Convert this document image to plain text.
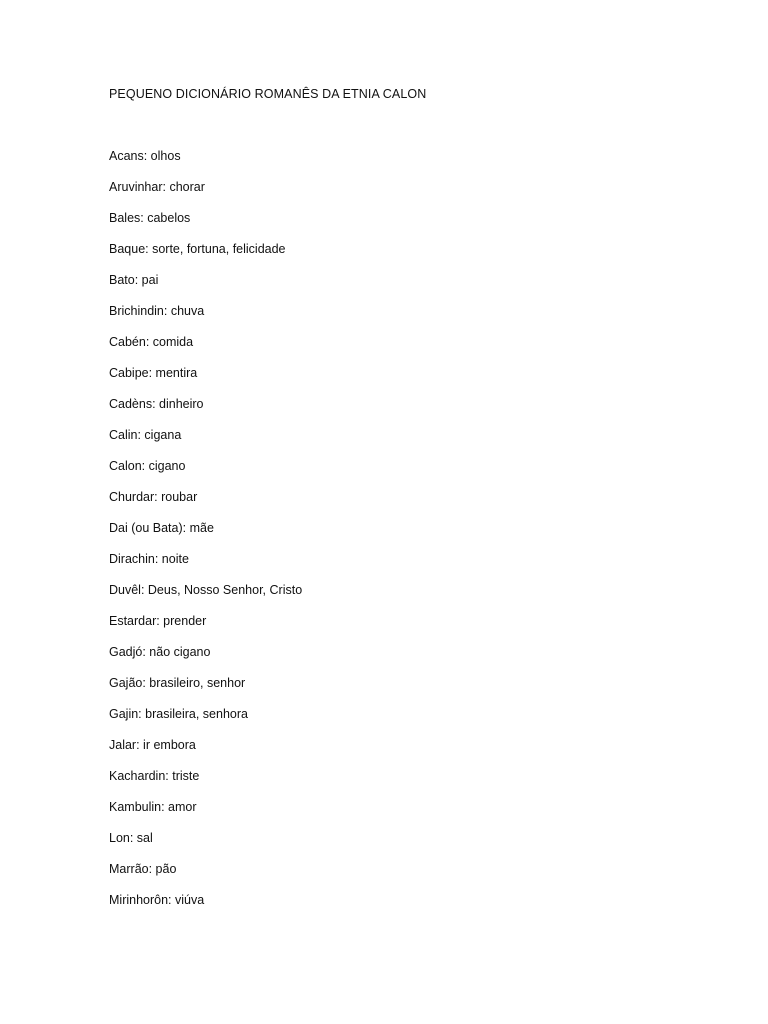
PEQUENO DICIONÁRIO ROMANÊS DA ETNIA CALON
Acans: olhos
Aruvinhar: chorar
Bales: cabelos
Baque: sorte, fortuna, felicidade
Bato: pai
Brichindin: chuva
Cabén: comida
Cabipe: mentira
Cadèns: dinheiro
Calin: cigana
Calon: cigano
Churdar: roubar
Dai (ou Bata): mãe
Dirachin: noite
Duvêl: Deus, Nosso Senhor, Cristo
Estardar: prender
Gadjó: não cigano
Gajão: brasileiro, senhor
Gajin: brasileira, senhora
Jalar: ir embora
Kachardin: triste
Kambulin: amor
Lon: sal
Marrão: pão
Mirinhorôn: viúva
